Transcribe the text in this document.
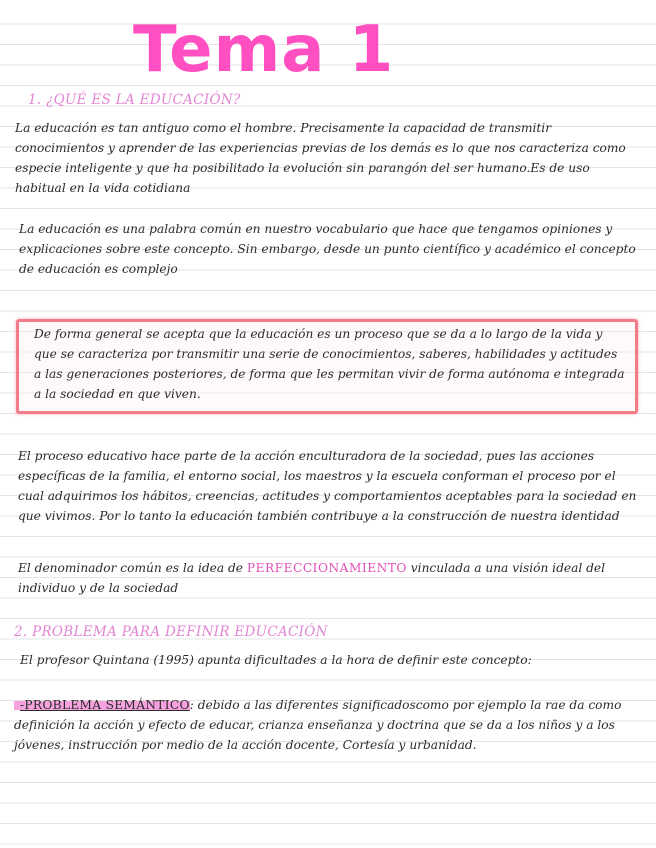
Tema 1
1. ¿QUÉ ES LA EDUCACIÓN?

La educación es tan antiguo como el hombre. Precisamente la capacidad de transmitir conocimientos y aprender de las experiencias previas de los demás es lo que nos caracteriza como especie inteligente y que ha posibilitado la evolución sin parangón del ser humano.Es de uso habitual en la vida cotidiana

La educación es una palabra común en nuestro vocabulario que hace que tengamos opiniones y explicaciones sobre este concepto. Sin embargo, desde un punto científico y académico el concepto de educación es complejo

De forma general se acepta que la educación es un proceso que se da a lo largo de la vida y que se caracteriza por transmitir una serie de conocimientos, saberes, habilidades y actitudes a las generaciones posteriores, de forma que les permitan vivir de forma autónoma e integrada a la sociedad en que viven.

El proceso educativo hace parte de la acción enculturadora de la sociedad, pues las acciones específicas de la familia, el entorno social, los maestros y la escuela conforman el proceso por el cual adquirimos los hábitos, creencias, actitudes y comportamientos aceptables para la sociedad en que vivimos. Por lo tanto la educación también contribuye a la construcción de nuestra identidad

El denominador común es la idea de PERFECCIONAMIENTO vinculada a una visión ideal del individuo y de la sociedad

2. PROBLEMA PARA DEFINIR EDUCACIÓN

El profesor Quintana (1995) apunta dificultades a la hora de definir este concepto:

-PROBLEMA SEMÁNTICO: debido a las diferentes significadoscomo por ejemplo la rae da como definición la acción y efecto de educar, crianza enseñanza y doctrina que se da a los niños y a los jóvenes, instrucción por medio de la acción docente, Cortesía y urbanidad.
